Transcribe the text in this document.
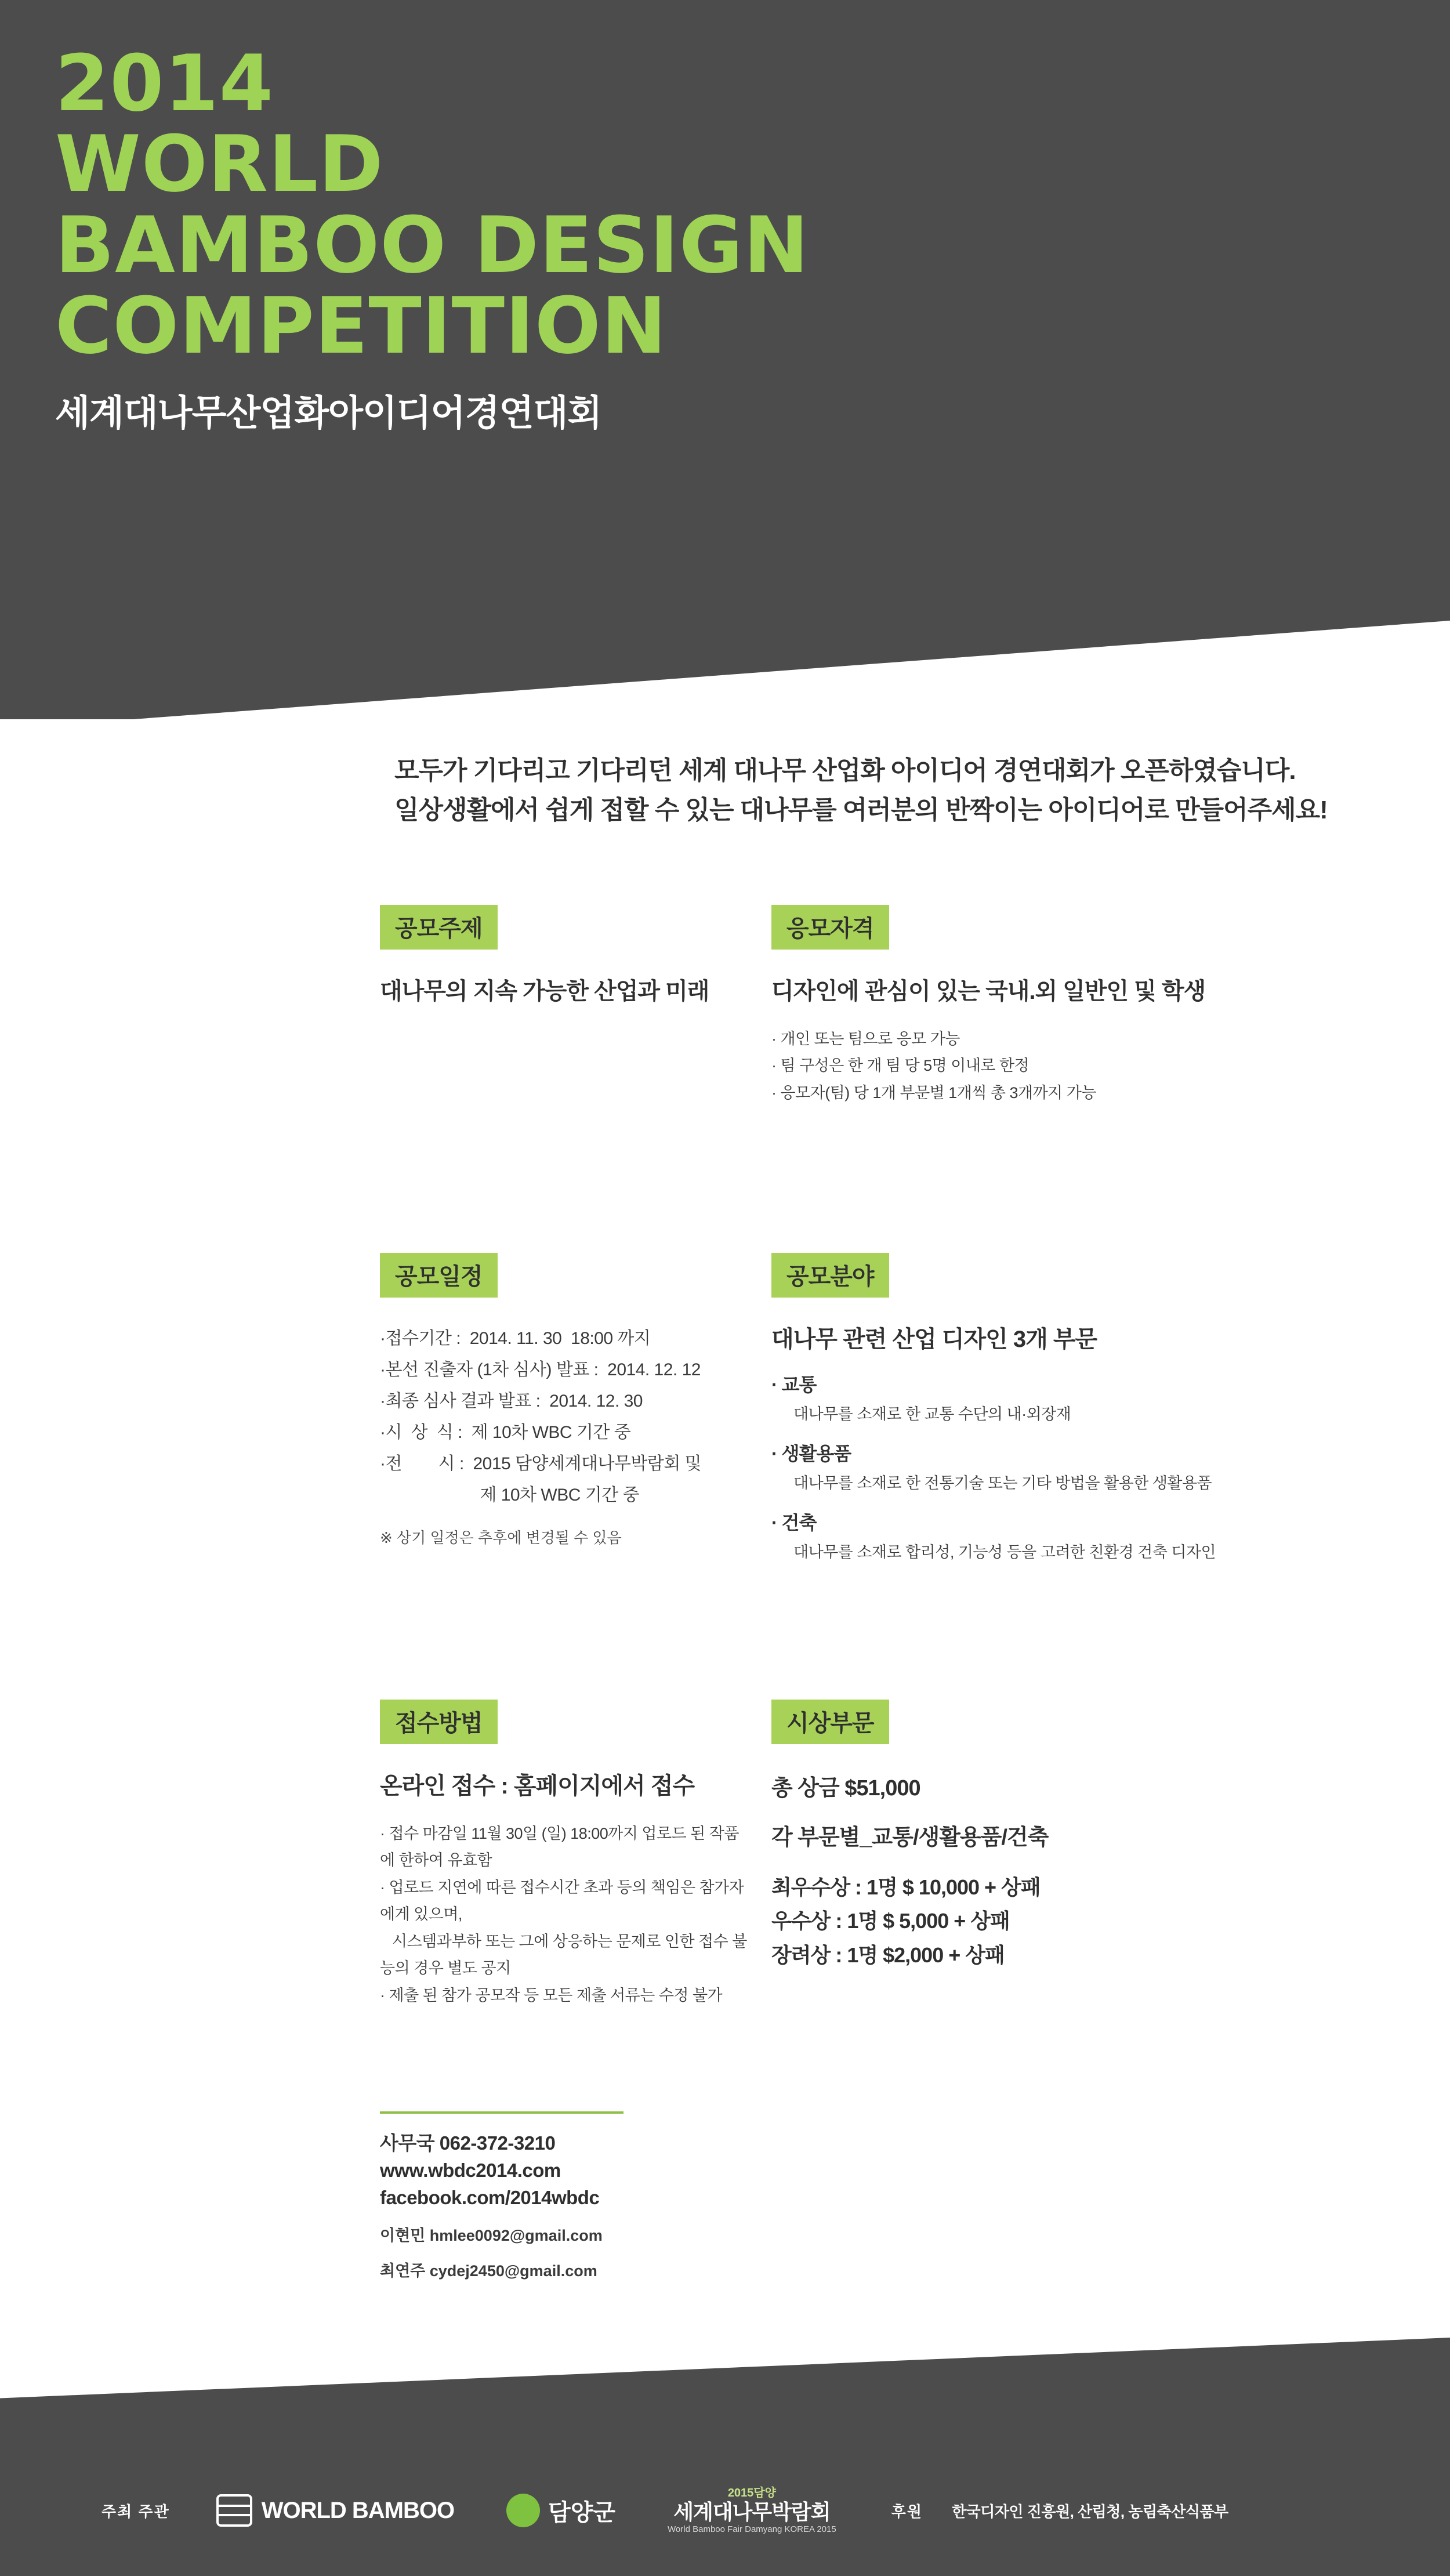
2014
WORLD
BAMBOO DESIGN
COMPETITION
세계대나무산업화아이디어경연대회
모두가 기다리고 기다리던 세계 대나무 산업화 아이디어 경연대회가 오픈하였습니다.
일상생활에서 쉽게 접할 수 있는 대나무를 여러분의 반짝이는 아이디어로 만들어주세요!
공모주제
대나무의 지속 가능한 산업과 미래
응모자격
디자인에 관심이 있는 국내.외 일반인 및 학생
· 개인 또는 팀으로 응모 가능
· 팀 구성은 한 개 팀 당 5명 이내로 한정
· 응모자(팀) 당 1개 부문별 1개씩 총 3개까지 가능
공모일정
·접수기간 :  2014. 11. 30  18:00 까지
·본선 진출자 (1차 심사) 발표 :  2014. 12. 12
·최종 심사 결과 발표 :  2014. 12. 30
·시  상  식 :  제 10차 WBC 기간 중
·전        시 :  2015 담양세계대나무박람회 및
제 10차 WBC 기간 중
※ 상기 일정은 추후에 변경될 수 있음
공모분야
대나무 관련 산업 디자인 3개 부문
· 교통
대나무를 소재로 한 교통 수단의 내·외장재
· 생활용품
대나무를 소재로 한 전통기술 또는 기타 방법을 활용한 생활용품
· 건축
대나무를 소재로 합리성, 기능성 등을 고려한 친환경 건축 디자인
접수방법
온라인 접수 : 홈페이지에서 접수
· 접수 마감일 11월 30일 (일) 18:00까지 업로드 된 작품에 한하여 유효함
· 업로드 지연에 따른 접수시간 초과 등의 책임은 참가자에게 있으며,
시스템과부하 또는 그에 상응하는 문제로 인한 접수 불능의 경우 별도 공지
· 제출 된 참가 공모작 등 모든 제출 서류는 수정 불가
시상부문
총 상금 $51,000
각 부문별_교통/생활용품/건축
최우수상 : 1명 $ 10,000 + 상패
우수상 : 1명 $ 5,000 + 상패
장려상 : 1명 $2,000 + 상패
사무국 062-372-3210
www.wbdc2014.com
facebook.com/2014wbdc
이현민 hmlee0092@gmail.com
최연주 cydej2450@gmail.com
주최 주관	WORLD BAMBOO	담양군
2015담양
세계대나무박람회
World Bamboo Fair Damyang KOREA 2015
후원 한국디자인 진흥원, 산림청, 농림축산식품부
